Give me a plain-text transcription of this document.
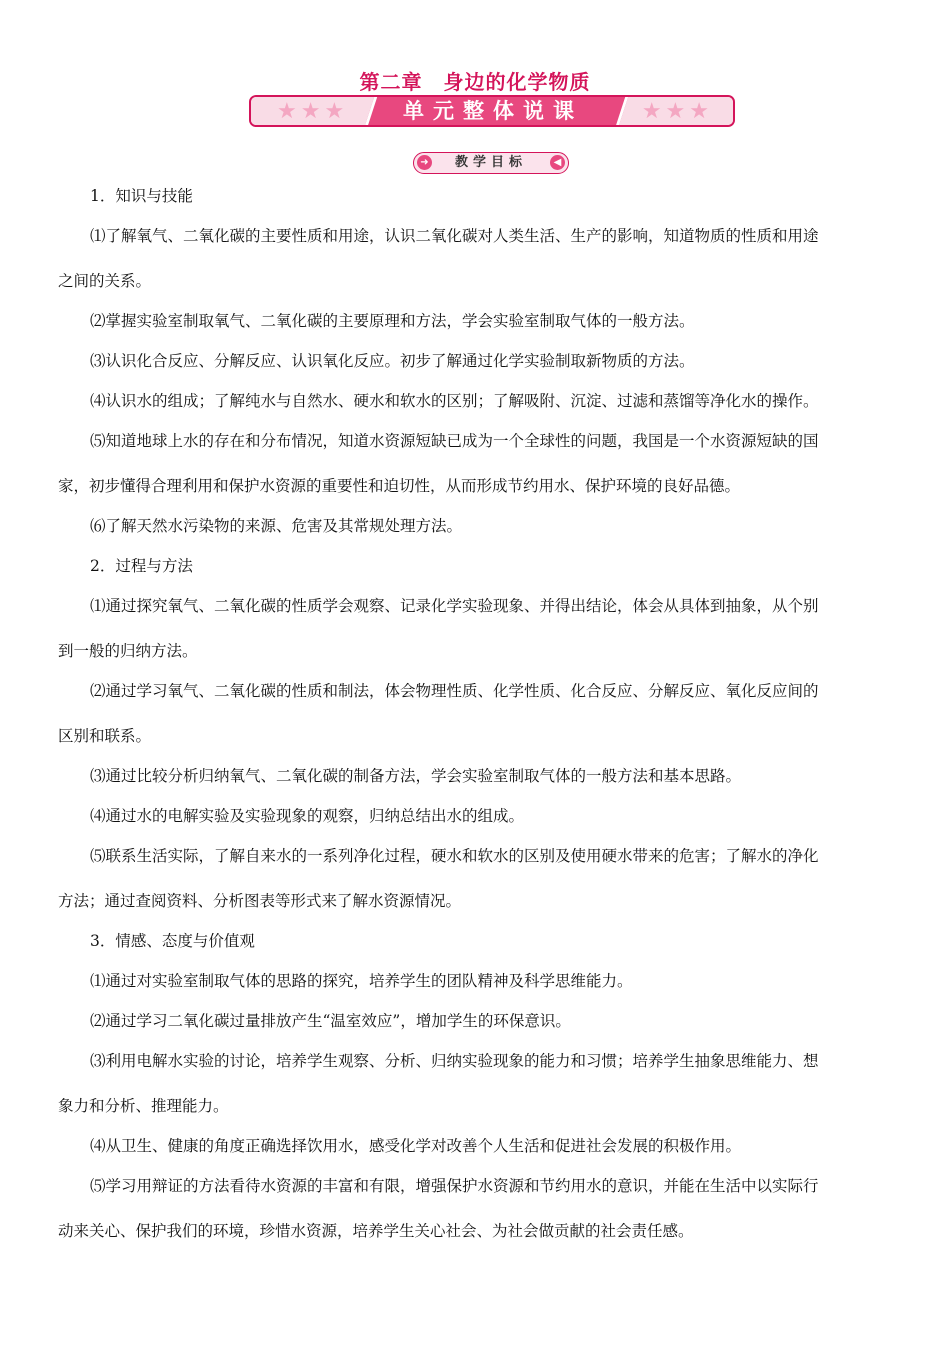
第二章　身边的化学物质
★★★	单元整体说课	★★★
➜	教学目标	◀
1．知识与技能
⑴了解氧气、二氧化碳的主要性质和用途，认识二氧化碳对人类生活、生产的影响，知道物质的性质和用途
之间的关系。
⑵掌握实验室制取氧气、二氧化碳的主要原理和方法，学会实验室制取气体的一般方法。
⑶认识化合反应、分解反应、认识氧化反应。初步了解通过化学实验制取新物质的方法。
⑷认识水的组成；了解纯水与自然水、硬水和软水的区别；了解吸附、沉淀、过滤和蒸馏等净化水的操作。
⑸知道地球上水的存在和分布情况，知道水资源短缺已成为一个全球性的问题，我国是一个水资源短缺的国
家，初步懂得合理利用和保护水资源的重要性和迫切性，从而形成节约用水、保护环境的良好品德。
⑹了解天然水污染物的来源、危害及其常规处理方法。
2．过程与方法
⑴通过探究氧气、二氧化碳的性质学会观察、记录化学实验现象、并得出结论，体会从具体到抽象，从个别
到一般的归纳方法。
⑵通过学习氧气、二氧化碳的性质和制法，体会物理性质、化学性质、化合反应、分解反应、氧化反应间的
区别和联系。
⑶通过比较分析归纳氧气、二氧化碳的制备方法，学会实验室制取气体的一般方法和基本思路。
⑷通过水的电解实验及实验现象的观察，归纳总结出水的组成。
⑸联系生活实际，了解自来水的一系列净化过程，硬水和软水的区别及使用硬水带来的危害；了解水的净化
方法；通过查阅资料、分析图表等形式来了解水资源情况。
3．情感、态度与价值观
⑴通过对实验室制取气体的思路的探究，培养学生的团队精神及科学思维能力。
⑵通过学习二氧化碳过量排放产生“温室效应”，增加学生的环保意识。
⑶利用电解水实验的讨论，培养学生观察、分析、归纳实验现象的能力和习惯；培养学生抽象思维能力、想
象力和分析、推理能力。
⑷从卫生、健康的角度正确选择饮用水，感受化学对改善个人生活和促进社会发展的积极作用。
⑸学习用辩证的方法看待水资源的丰富和有限，增强保护水资源和节约用水的意识，并能在生活中以实际行
动来关心、保护我们的环境，珍惜水资源，培养学生关心社会、为社会做贡献的社会责任感。
